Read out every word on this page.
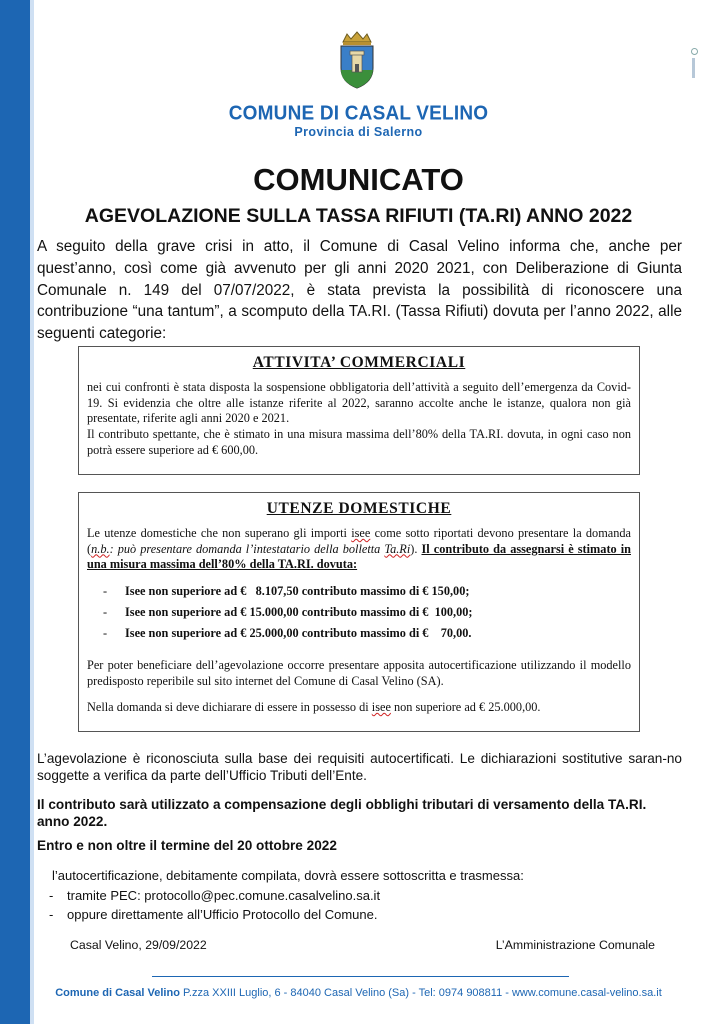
COMUNE DI CASAL VELINO
Provincia di Salerno
COMUNICATO
AGEVOLAZIONE SULLA TASSA RIFIUTI (TA.RI) ANNO 2022
A seguito della grave crisi in atto, il Comune di Casal Velino informa che, anche per quest’anno, così come già avvenuto per gli anni 2020 2021, con Deliberazione di Giunta Comunale n. 149 del 07/07/2022, è stata prevista la possibilità di riconoscere una contribuzione “una tantum”, a scomputo della TA.RI. (Tassa Rifiuti) dovuta per l’anno 2022, alle seguenti categorie:
ATTIVITA’ COMMERCIALI

nei cui confronti è stata disposta la sospensione obbligatoria dell’attività a seguito dell’emergenza da Covid-19. Si evidenzia che oltre alle istanze riferite al 2022, saranno accolte anche le istanze, qualora non già presentate, riferite agli anni 2020 e 2021.

Il contributo spettante, che è stimato in una misura massima dell’80% della TA.RI. dovuta, in ogni caso non potrà essere superiore ad € 600,00.

UTENZE DOMESTICHE

Le utenze domestiche che non superano gli importi isee come sotto riportati devono presentare la domanda (n.b.: può presentare domanda l’intestatario della bolletta Ta.Ri). Il contributo da assegnarsi è stimato in una misura massima dell’80% della TA.RI. dovuta:

- Isee non superiore ad €   8.107,50 contributo massimo di € 150,00;
- Isee non superiore ad € 15.000,00 contributo massimo di €  100,00;
- Isee non superiore ad € 25.000,00 contributo massimo di €    70,00.

Per poter beneficiare dell’agevolazione occorre presentare apposita autocertificazione utilizzando il modello predisposto reperibile sul sito internet del Comune di Casal Velino (SA).

Nella domanda si deve dichiarare di essere in possesso di isee non superiore ad € 25.000,00.

L’agevolazione è riconosciuta sulla base dei requisiti autocertificati. Le dichiarazioni sostitutive saran-no soggette a verifica da parte dell’Ufficio Tributi dell’Ente.
Il contributo sarà utilizzato a compensazione degli obblighi tributari di versamento della TA.RI. anno 2022.
Entro e non oltre il termine del 20 ottobre 2022
l’autocertificazione, debitamente compilata, dovrà essere sottoscritta e trasmessa:
- tramite PEC: protocollo@pec.comune.casalvelino.sa.it
- oppure direttamente all’Ufficio Protocollo del Comune.
Casal Velino, 29/09/2022	L’Amministrazione Comunale
Comune di Casal Velino P.zza XXIII Luglio, 6 - 84040 Casal Velino (Sa) - Tel: 0974 908811 - www.comune.casal-velino.sa.it
